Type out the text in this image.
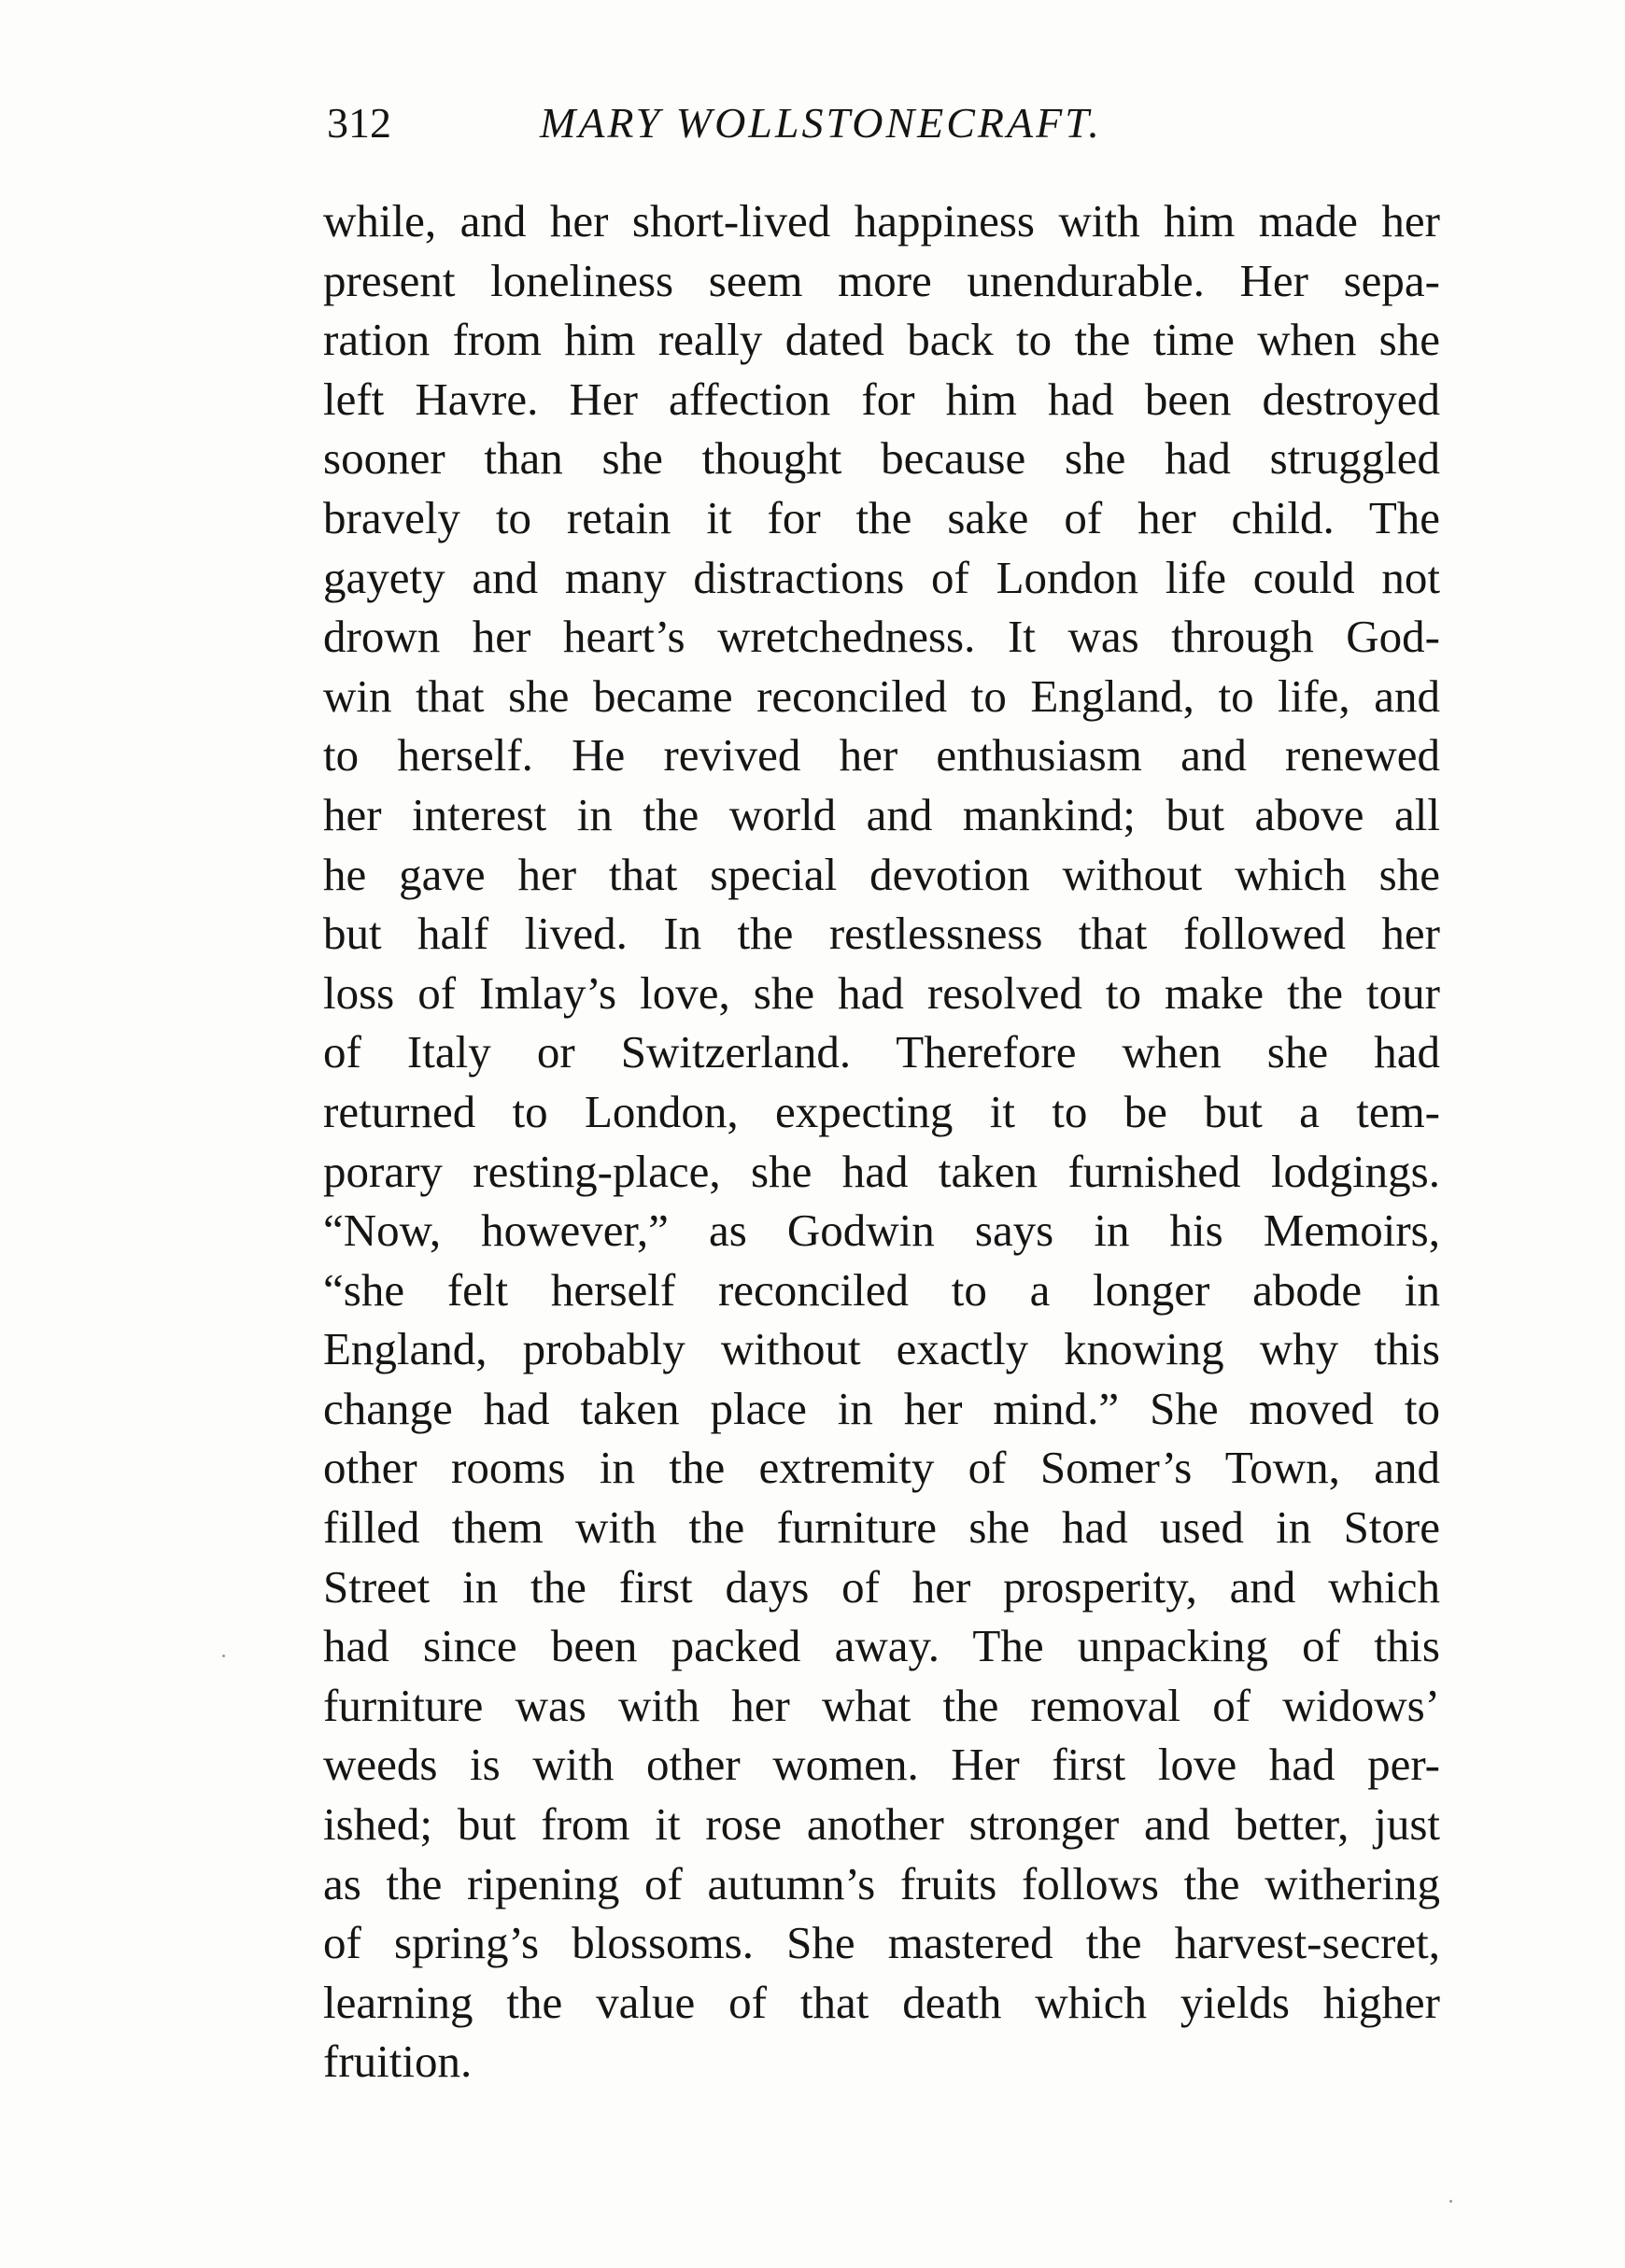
312	MARY WOLLSTONECRAFT.
while, and her short-lived happiness with him made her
present loneliness seem more unendurable. Her sepa-
ration from him really dated back to the time when she
left Havre. Her affection for him had been destroyed
sooner than she thought because she had struggled
bravely to retain it for the sake of her child. The
gayety and many distractions of London life could not
drown her heart’s wretchedness. It was through God-
win that she became reconciled to England, to life, and
to herself. He revived her enthusiasm and renewed
her interest in the world and mankind; but above all
he gave her that special devotion without which she
but half lived. In the restlessness that followed her
loss of Imlay’s love, she had resolved to make the tour
of Italy or Switzerland. Therefore when she had
returned to London, expecting it to be but a tem-
porary resting-place, she had taken furnished lodgings.
“Now, however,” as Godwin says in his Memoirs,
“she felt herself reconciled to a longer abode in
England, probably without exactly knowing why this
change had taken place in her mind.” She moved to
other rooms in the extremity of Somer’s Town, and
filled them with the furniture she had used in Store
Street in the first days of her prosperity, and which
had since been packed away. The unpacking of this
furniture was with her what the removal of widows’
weeds is with other women. Her first love had per-
ished; but from it rose another stronger and better, just
as the ripening of autumn’s fruits follows the withering
of spring’s blossoms. She mastered the harvest-secret,
learning the value of that death which yields higher
fruition.
